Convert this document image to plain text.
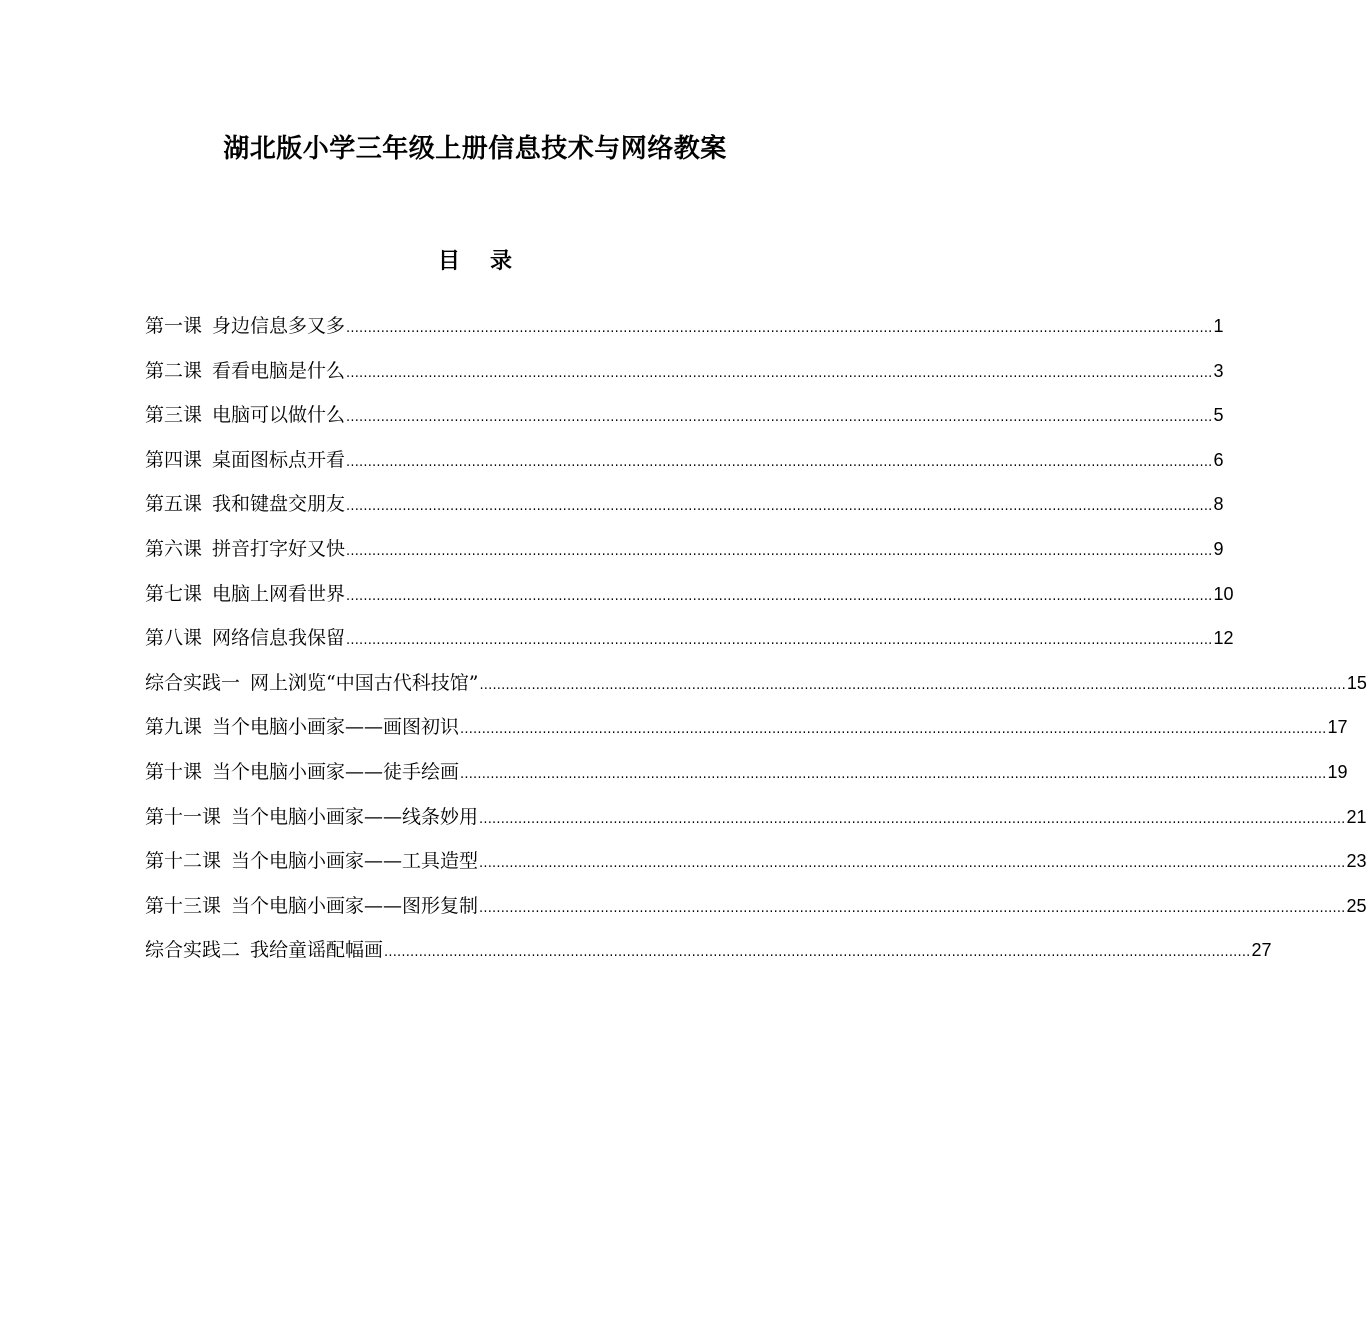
湖北版小学三年级上册信息技术与网络教案
目 录
第一课 身边信息多又多 ........................................................................................................................................................................................................ 1
第二课 看看电脑是什么 ........................................................................................................................................................................................................ 3
第三课 电脑可以做什么 ........................................................................................................................................................................................................ 5
第四课 桌面图标点开看 ........................................................................................................................................................................................................ 6
第五课 我和键盘交朋友 ........................................................................................................................................................................................................ 8
第六课 拼音打字好又快 ........................................................................................................................................................................................................ 9
第七课 电脑上网看世界 ........................................................................................................................................................................................................ 10
第八课 网络信息我保留 ........................................................................................................................................................................................................ 12
综合实践一 网上浏览“中国古代科技馆” ........................................................................................................................................................................................................ 15
第九课 当个电脑小画家——画图初识 ........................................................................................................................................................................................................ 17
第十课 当个电脑小画家——徒手绘画 ........................................................................................................................................................................................................ 19
第十一课 当个电脑小画家——线条妙用 ........................................................................................................................................................................................................ 21
第十二课 当个电脑小画家——工具造型 ........................................................................................................................................................................................................ 23
第十三课 当个电脑小画家——图形复制 ........................................................................................................................................................................................................ 25
综合实践二 我给童谣配幅画 ........................................................................................................................................................................................................ 27
